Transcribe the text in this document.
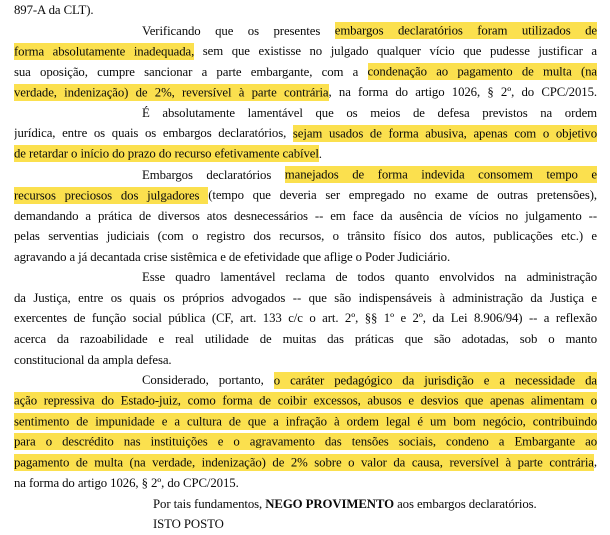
897-A da CLT).
Verificando que os presentes embargos declaratórios foram utilizados de
forma absolutamente inadequada, sem que existisse no julgado qualquer vício que pudesse justificar a
sua oposição, cumpre sancionar a parte embargante, com a condenação ao pagamento de multa (na
verdade, indenização) de 2%, reversível à parte contrária, na forma do artigo 1026, § 2º, do CPC/2015.
É absolutamente lamentável que os meios de defesa previstos na ordem
jurídica, entre os quais os embargos declaratórios, sejam usados de forma abusiva, apenas com o objetivo
de retardar o início do prazo do recurso efetivamente cabível.
Embargos declaratórios manejados de forma indevida consomem tempo e
recursos preciosos dos julgadores (tempo que deveria ser empregado no exame de outras pretensões),
demandando a prática de diversos atos desnecessários -- em face da ausência de vícios no julgamento --
pelas serventias judiciais (com o registro dos recursos, o trânsito físico dos autos, publicações etc.) e
agravando a já decantada crise sistêmica e de efetividade que aflige o Poder Judiciário.
Esse quadro lamentável reclama de todos quanto envolvidos na administração
da Justiça, entre os quais os próprios advogados -- que são indispensáveis à administração da Justiça e
exercentes de função social pública (CF, art. 133 c/c o art. 2º, §§ 1º e 2º, da Lei 8.906/94) -- a reflexão
acerca da razoabilidade e real utilidade de muitas das práticas que são adotadas, sob o manto
constitucional da ampla defesa.
Considerado, portanto, o caráter pedagógico da jurisdição e a necessidade da
ação repressiva do Estado-juiz, como forma de coibir excessos, abusos e desvios que apenas alimentam o
sentimento de impunidade e a cultura de que a infração à ordem legal é um bom negócio, contribuindo
para o descrédito nas instituições e o agravamento das tensões sociais, condeno a Embargante ao
pagamento de multa (na verdade, indenização) de 2% sobre o valor da causa, reversível à parte contrária,
na forma do artigo 1026, § 2º, do CPC/2015.
Por tais fundamentos, NEGO PROVIMENTO aos embargos declaratórios.
ISTO POSTO
